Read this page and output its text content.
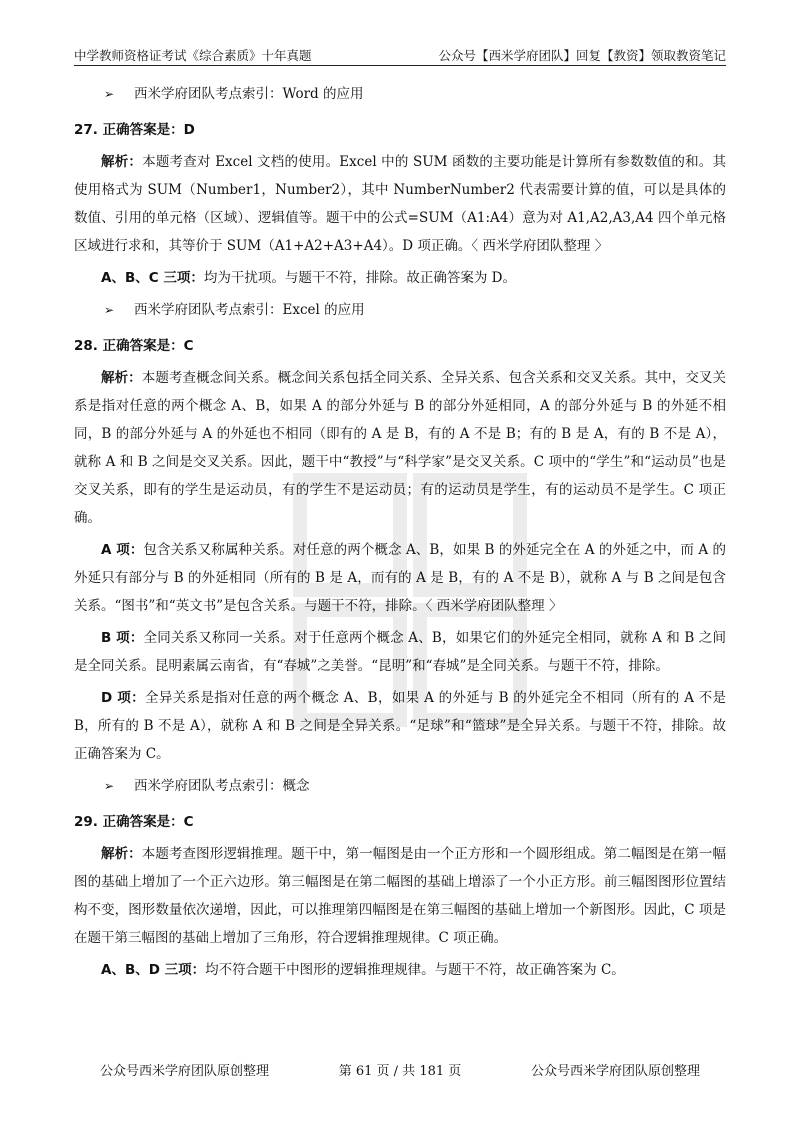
中学教师资格证考试《综合素质》十年真题	公众号【西米学府团队】回复【教资】领取教资笔记
➢	西米学府团队考点索引：Word 的应用
27. 正确答案是：D

解析：本题考查对 Excel 文档的使用。Excel 中的 SUM 函数的主要功能是计算所有参数数值的和。其使用格式为 SUM（Number1，Number2），其中 NumberNumber2 代表需要计算的值，可以是具体的数值、引用的单元格（区域）、逻辑值等。题干中的公式=SUM（A1:A4）意为对 A1,A2,A3,A4 四个单元格区域进行求和，其等价于 SUM（A1+A2+A3+A4）。D 项正确。〈 西米学府团队整理 〉

A、B、C 三项：均为干扰项。与题干不符，排除。故正确答案为 D。

➢	西米学府团队考点索引：Excel 的应用
28. 正确答案是：C

解析：本题考查概念间关系。概念间关系包括全同关系、全异关系、包含关系和交叉关系。其中，交叉关系是指对任意的两个概念 A、B，如果 A 的部分外延与 B 的部分外延相同，A 的部分外延与 B 的外延不相同，B 的部分外延与 A 的外延也不相同（即有的 A 是 B，有的 A 不是 B；有的 B 是 A，有的 B 不是 A），就称 A 和 B 之间是交叉关系。因此，题干中“教授”与“科学家”是交叉关系。C 项中的“学生”和“运动员”也是交叉关系，即有的学生是运动员，有的学生不是运动员；有的运动员是学生，有的运动员不是学生。C 项正确。

A 项：包含关系又称属种关系。对任意的两个概念 A、B，如果 B 的外延完全在 A 的外延之中，而 A 的外延只有部分与 B 的外延相同（所有的 B 是 A，而有的 A 是 B，有的 A 不是 B），就称 A 与 B 之间是包含关系。“图书”和“英文书”是包含关系。与题干不符，排除。〈 西米学府团队整理 〉

B 项：全同关系又称同一关系。对于任意两个概念 A、B，如果它们的外延完全相同，就称 A 和 B 之间是全同关系。昆明素属云南省，有“春城”之美誉。“昆明”和“春城”是全同关系。与题干不符，排除。

D 项：全异关系是指对任意的两个概念 A、B，如果 A 的外延与 B 的外延完全不相同（所有的 A 不是 B，所有的 B 不是 A），就称 A 和 B 之间是全异关系。“足球”和“篮球”是全异关系。与题干不符，排除。故正确答案为 C。

➢	西米学府团队考点索引：概念
29. 正确答案是：C

解析：本题考查图形逻辑推理。题干中，第一幅图是由一个正方形和一个圆形组成。第二幅图是在第一幅图的基础上增加了一个正六边形。第三幅图是在第二幅图的基础上增添了一个小正方形。前三幅图图形位置结构不变，图形数量依次递增，因此，可以推理第四幅图是在第三幅图的基础上增加一个新图形。因此，C 项是在题干第三幅图的基础上增加了三角形，符合逻辑推理规律。C 项正确。

A、B、D 三项：均不符合题干中图形的逻辑推理规律。与题干不符，故正确答案为 C。

公众号西米学府团队原创整理	第 61 页 / 共 181 页	公众号西米学府团队原创整理
